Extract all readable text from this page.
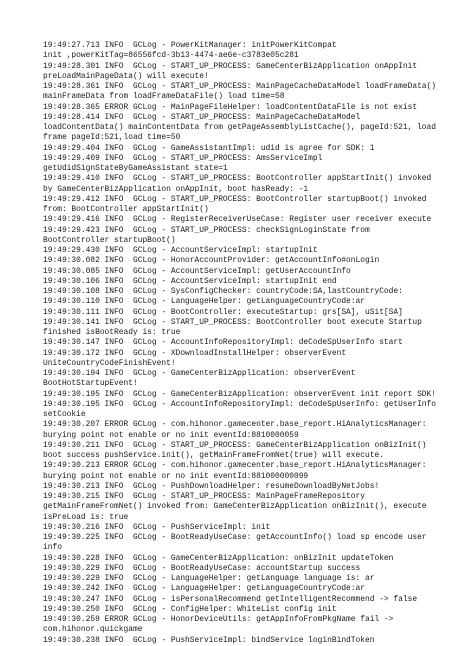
19:49:27.713 INFO  GCLog - PowerKitManager: initPowerKitCompat
init ,powerKitTag=86556fcd-3b13-4474-ae6e-c3783e05c281
19:49:28.301 INFO  GCLog - START_UP_PROCESS: GameCenterBizApplication onAppInit
preLoadMainPageData() will execute!
19:49:28.361 INFO  GCLog - START_UP_PROCESS: MainPageCacheDataModel loadFrameData()
mainFrameData from loadFrameDataFile() load time=58
19:49:28.365 ERROR GCLog - MainPageFileHelper: loadContentDataFile is not exist
19:49:28.414 INFO  GCLog - START_UP_PROCESS: MainPageCacheDataModel
loadContentData() mainContentData from getPageAssemblyListCache(), pageId:521, load
frame pageId:521,load time=50
19:49:29.404 INFO  GCLog - GameAssistantImpl: udid is agree for SDK: 1
19:49:29.409 INFO  GCLog - START_UP_PROCESS: AmsServiceImpl
getUdidSignStateByGameAssistant state=1
19:49:29.410 INFO  GCLog - START_UP_PROCESS: BootController appStartInit() invoked
by GameCenterBizApplication onAppInit, boot hasReady: -1
19:49:29.412 INFO  GCLog - START_UP_PROCESS: BootController startupBoot() invoked
from: BootController appStartInit()
19:49:29.416 INFO  GCLog - RegisterReceiverUseCase: Register user receiver execute
19:49:29.423 INFO  GCLog - START_UP_PROCESS: checkSignLoginState from
BootController startupBoot()
19:49:29.430 INFO  GCLog - AccountServiceImpl: startupInit
19:49:30.082 INFO  GCLog - HonorAccountProvider: getAccountInfo#onLogin
19:49:30.085 INFO  GCLog - AccountServiceImpl: getUserAccountInfo
19:49:30.106 INFO  GCLog - AccountServiceImpl: startupInit end
19:49:30.108 INFO  GCLog - SysConfigChecker: countryCode:SA,lastCountryCode:
19:49:30.110 INFO  GCLog - LanguageHelper: getLanguageCountryCode:ar
19:49:30.111 INFO  GCLog - BootController: executeStartup: grs[SA], uSit[SA]
19:49:30.141 INFO  GCLog - START_UP_PROCESS: BootController boot execute Startup
finished isBootReady is: true
19:49:30.147 INFO  GCLog - AccountInfoRepositoryImpl: deCodeSpUserInfo start
19:49:30.172 INFO  GCLog - XDownloadInstallHelper: observerEvent
UniteCountryCodeFinishEvent!
19:49:30.194 INFO  GCLog - GameCenterBizApplication: observerEvent
BootHotStartupEvent!
19:49:30.195 INFO  GCLog - GameCenterBizApplication: observerEvent init report SDK!
19:49:30.195 INFO  GCLog - AccountInfoRepositoryImpl: deCodeSpUserInfo: getUserInfo
setCookie
19:49:30.207 ERROR GCLog - com.hihonor.gamecenter.base_report.HiAnalyticsManager:
burying point not enable or no init eventId:8810000059
19:49:30.211 INFO  GCLog - START_UP_PROCESS: GameCenterBizApplication onBizInit()
boot success pushService.init(), getMainFrameFromNet(true) will execute.
19:49:30.213 ERROR GCLog - com.hihonor.gamecenter.base_report.HiAnalyticsManager:
burying point not enable or no init eventId:881000000099
19:49:30.213 INFO  GCLog - PushDownloadHelper: resumeDownloadByNetJobs!
19:49:30.215 INFO  GCLog - START_UP_PROCESS: MainPageFrameRepository
getMainFrameFromNet() invoked from: GameCenterBizApplication onBizInit(), execute
isPreLoad is: true
19:49:30.216 INFO  GCLog - PushServiceImpl: init
19:49:30.225 INFO  GCLog - BootReadyUseCase: getAccountInfo() load sp encode user
info
19:49:30.228 INFO  GCLog - GameCenterBizApplication: onBizInit updateToken
19:49:30.229 INFO  GCLog - BootReadyUseCase: accountStartup success
19:49:30.229 INFO  GCLog - LanguageHelper: getLanguage language is: ar
19:49:30.242 INFO  GCLog - LanguageHelper: getLanguageCountryCode:ar
19:49:30.247 INFO  GCLog - isPersonalRecommend getIntelligentRecommend -> false
19:49:30.250 INFO  GCLog - ConfigHelper: WhiteList config init
19:49:30.259 ERROR GCLog - HonorDeviceUtils: getAppInfoFromPkgName fail ->
com.hihonor.quickgame
19:49:30.238 INFO  GCLog - PushServiceImpl: bindService loginBindToken
